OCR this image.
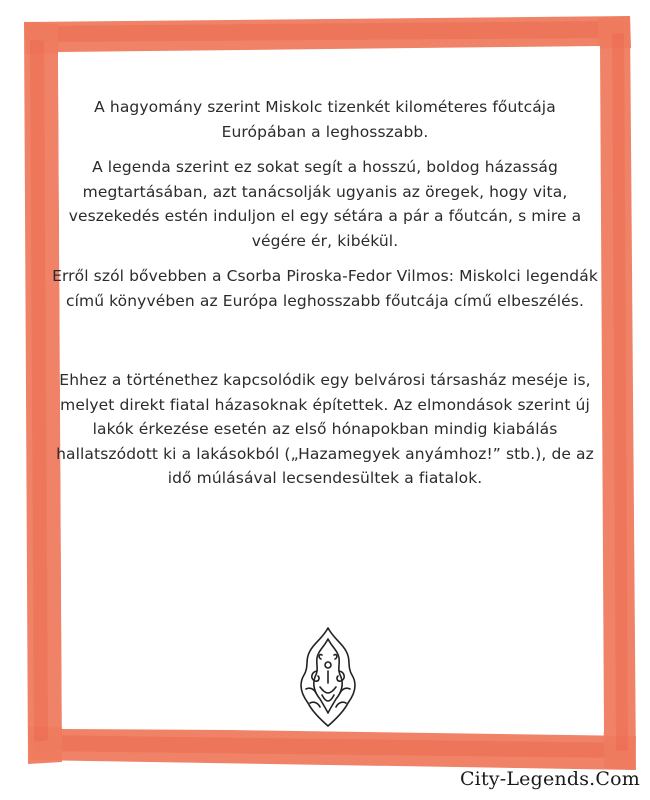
A hagyomány szerint Miskolc tizenkét kilométeres főutcája Európában a leghosszabb.

A legenda szerint ez sokat segít a hosszú, boldog házasság megtartásában, azt tanácsolják ugyanis az öregek, hogy vita, veszekedés estén induljon el egy sétára a pár a főutcán, s mire a végére ér, kibékül.

Erről szól bővebben a Csorba Piroska-Fedor Vilmos: Miskolci legendák című könyvében az Európa leghosszabb főutcája című elbeszélés.

Ehhez a történethez kapcsolódik egy belvárosi társasház meséje is, melyet direkt fiatal házasoknak építettek. Az elmondások szerint új lakók érkezése esetén az első hónapokban mindig kiabálás hallatszódott ki a lakásokból („Hazamegyek anyámhoz!” stb.), de az idő múlásával lecsendesültek a fiatalok.

City-Legends.Com
